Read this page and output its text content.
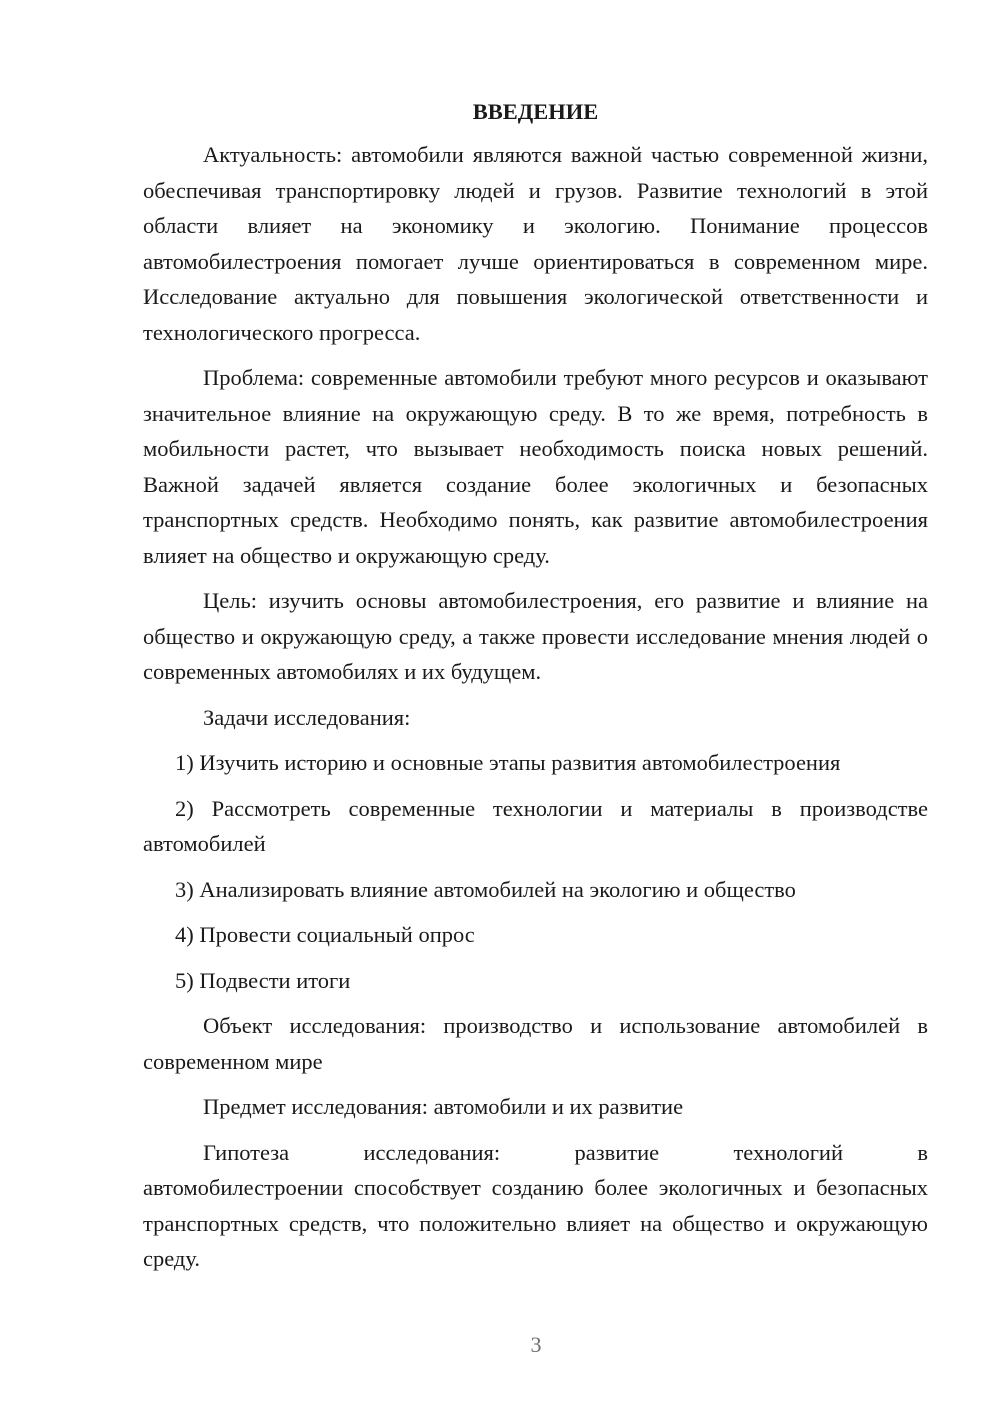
ВВЕДЕНИЕ

Актуальность: автомобили являются важной частью современной жизни, обеспечивая транспортировку людей и грузов. Развитие технологий в этой области влияет на экономику и экологию. Понимание процессов автомобилестроения помогает лучше ориентироваться в современном мире. Исследование актуально для повышения экологической ответственности и технологического прогресса.

Проблема: современные автомобили требуют много ресурсов и оказывают значительное влияние на окружающую среду. В то же время, потребность в мобильности растет, что вызывает необходимость поиска новых решений. Важной задачей является создание более экологичных и безопасных транспортных средств. Необходимо понять, как развитие автомобилестроения влияет на общество и окружающую среду.

Цель: изучить основы автомобилестроения, его развитие и влияние на общество и окружающую среду, а также провести исследование мнения людей о современных автомобилях и их будущем.

Задачи исследования:

1) Изучить историю и основные этапы развития автомобилестроения

2) Рассмотреть современные технологии и материалы в производстве автомобилей

3) Анализировать влияние автомобилей на экологию и общество

4) Провести социальный опрос

5) Подвести итоги

Объект исследования: производство и использование автомобилей в современном мире

Предмет исследования: автомобили и их развитие

Гипотеза исследования: развитие технологий в
автомобилестроении способствует созданию более экологичных и безопасных транспортных средств, что положительно влияет на общество и окружающую среду.

3
